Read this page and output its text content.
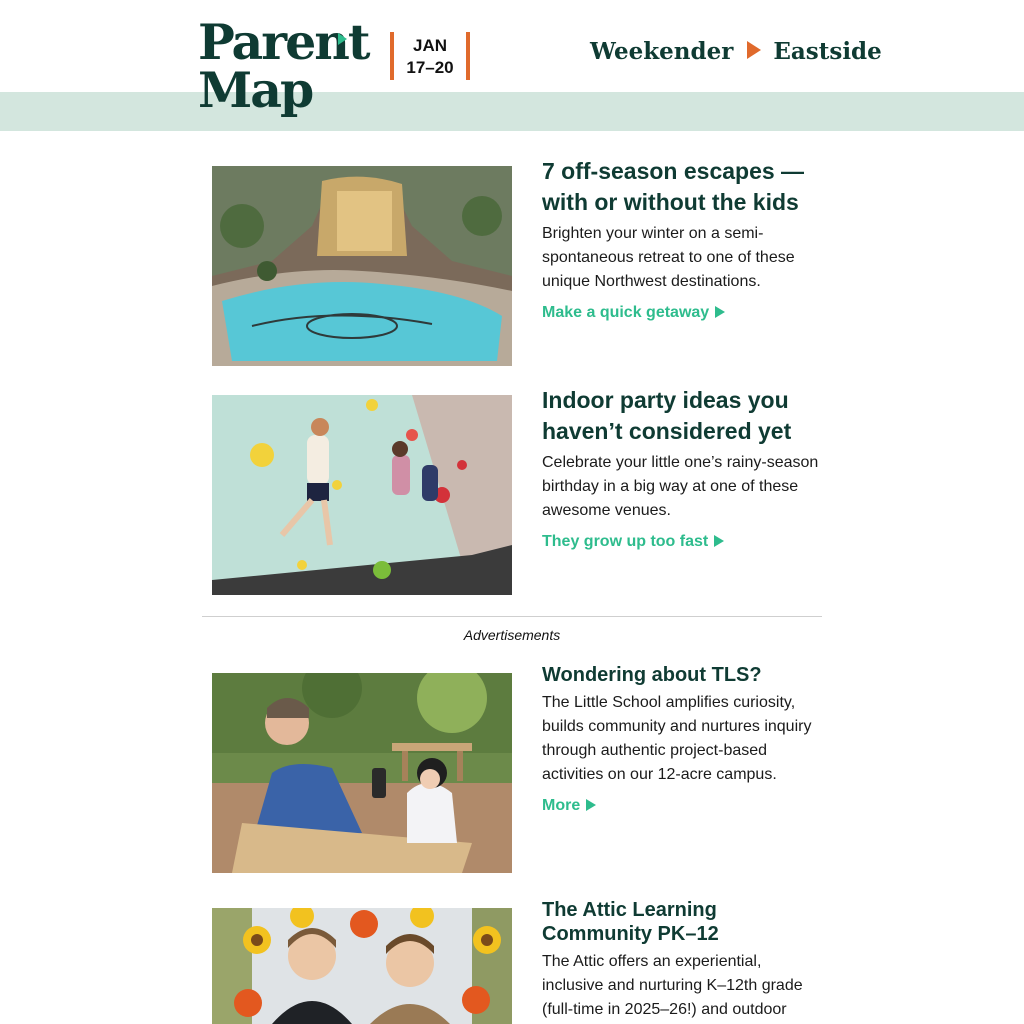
Parent
Map
JAN
17–20
Weekender Eastside
7 off-season escapes — with or without the kids

Brighten your winter on a semi-spontaneous retreat to one of these unique Northwest destinations.

Make a quick getaway
Indoor party ideas you haven’t considered yet

Celebrate your little one’s rainy-season birthday in a big way at one of these awesome venues.

They grow up too fast
Advertisements
Wondering about TLS?

The Little School amplifies curiosity, builds community and nurtures inquiry through authentic project-based activities on our 12-acre campus.

More
The Attic Learning Community PK–12

The Attic offers an experiential, inclusive and nurturing K–12th grade (full-time in 2025–26!) and outdoor
